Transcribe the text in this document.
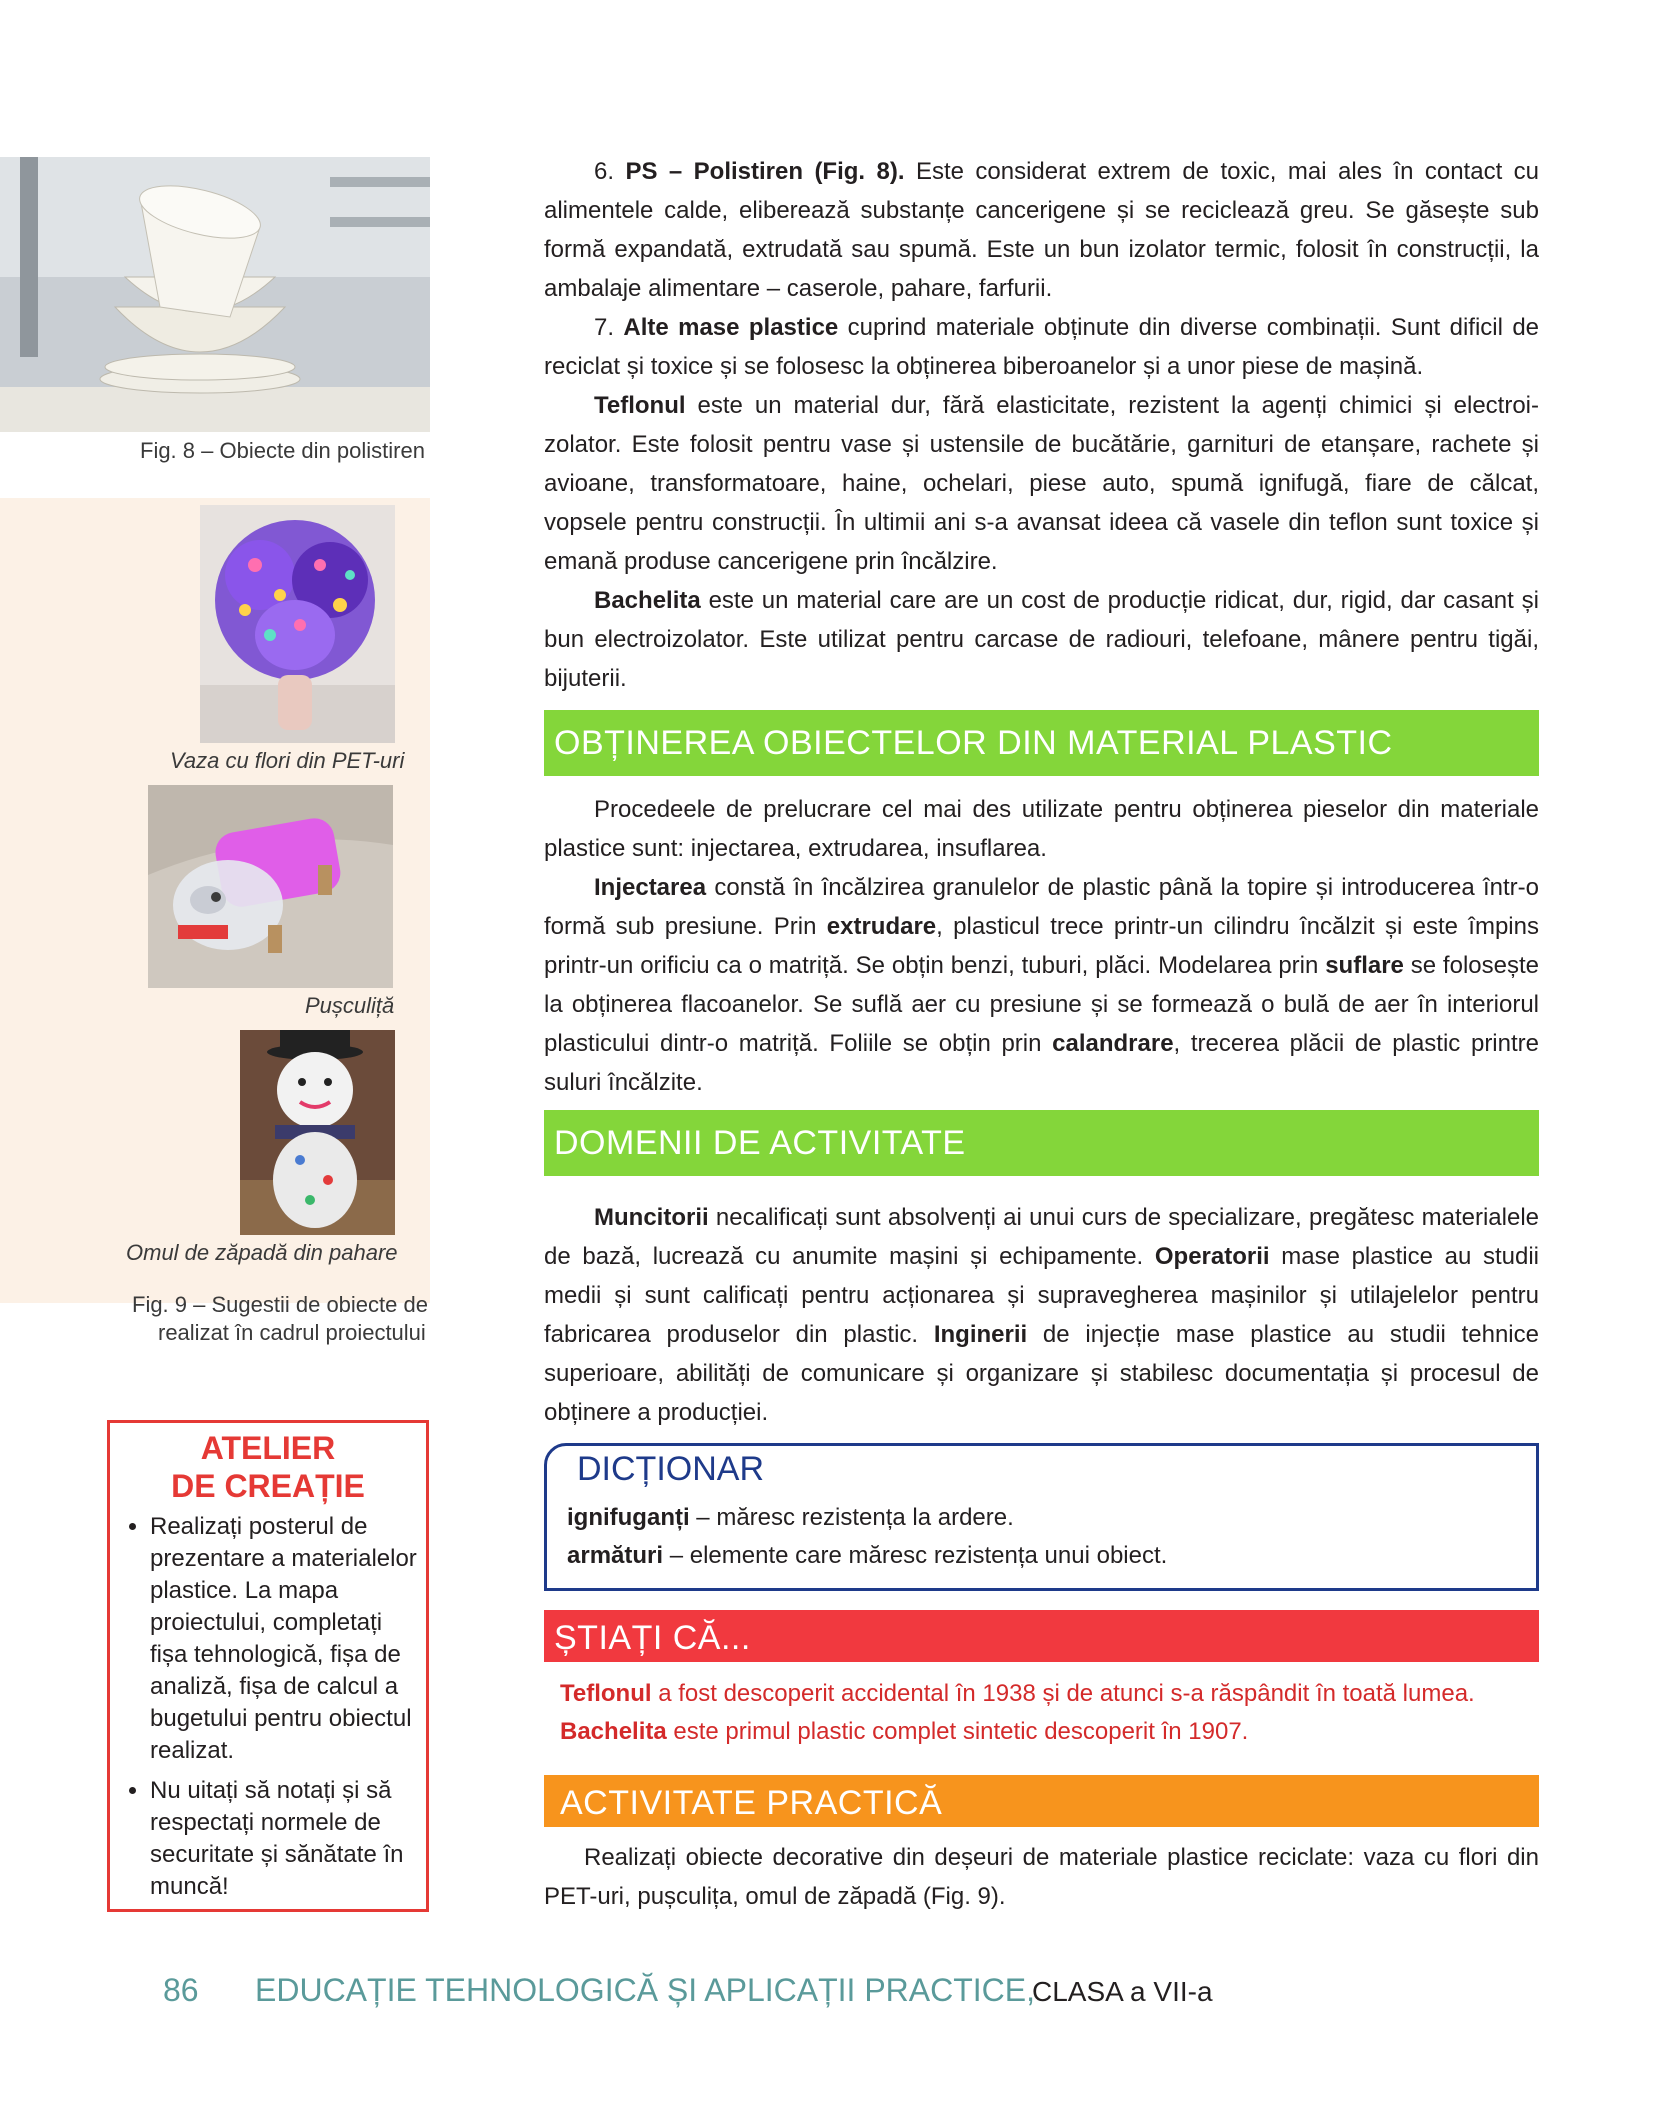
Fig. 8 – Obiecte din polistiren
Vaza cu flori din PET-uri
Pușculiță
Omul de zăpadă din pahare
Fig. 9 – Sugestii de obiecte de
realizat în cadrul proiectului
ATELIER
DE CREAȚIE
• Realizați posterul de prezentare a materialelor plastice. La mapa proiectului, completați fișa tehnologică, fișa de analiză, fișa de calcul a bugetului pentru obiectul realizat.
• Nu uitați să notați și să respectați normele de securitate și sănătate în muncă!

6. PS – Polistiren (Fig. 8). Este considerat extrem de toxic, mai ales în contact cu alimentele calde, eliberează substanțe cancerigene și se reciclează greu. Se găsește sub formă expandată, extrudată sau spumă. Este un bun izolator termic, folosit în construcții, la ambalaje alimentare – caserole, pahare, farfurii.

7. Alte mase plastice cuprind materiale obținute din diverse combinații. Sunt dificil de reciclat și toxice și se folosesc la obținerea biberoanelor și a unor piese de mașină.

Teflonul este un material dur, fără elasticitate, rezistent la agenți chimici și electroizolator. Este folosit pentru vase și ustensile de bucătărie, garnituri de etanșare, rachete și avioane, transformatoare, haine, ochelari, piese auto, spumă ignifugă, fiare de călcat, vopsele pentru construcții. În ultimii ani s-a avansat ideea că vasele din teflon sunt toxice și emană produse cancerigene prin încălzire.

Bachelita este un material care are un cost de producție ridicat, dur, rigid, dar casant și bun electroizolator. Este utilizat pentru carcase de radiouri, telefoane, mânere pentru tigăi, bijuterii.

OBȚINEREA OBIECTELOR DIN MATERIAL PLASTIC

Procedeele de prelucrare cel mai des utilizate pentru obținerea pieselor din materiale plastice sunt: injectarea, extrudarea, insuflarea.

Injectarea constă în încălzirea granulelor de plastic până la topire și introducerea într-o formă sub presiune. Prin extrudare, plasticul trece printr-un cilindru încălzit și este împins printr-un orificiu ca o matriță. Se obțin benzi, tuburi, plăci. Modelarea prin suflare se folosește la obținerea flacoanelor. Se suflă aer cu presiune și se formează o bulă de aer în interiorul plasticului dintr-o matriță. Foliile se obțin prin calandrare, trecerea plăcii de plastic printre suluri încălzite.

DOMENII DE ACTIVITATE

Muncitorii necalificați sunt absolvenți ai unui curs de specializare, pregătesc materialele de bază, lucrează cu anumite mașini și echipamente. Operatorii mase plastice au studii medii și sunt calificați pentru acționarea și supravegherea mașinilor și utilajelelor pentru fabricarea produselor din plastic. Inginerii de injecție mase plastice au studii tehnice superioare, abilități de comunicare și organizare și stabilesc documentația și procesul de obținere a producției.

DICȚIONAR
ignifuganți – măresc rezistența la ardere.
armături – elemente care măresc rezistența unui obiect.
ȘTIAȚI CĂ...
Teflonul a fost descoperit accidental în 1938 și de atunci s-a răspândit în toată lumea.
Bachelita este primul plastic complet sintetic descoperit în 1907.
ACTIVITATE PRACTICĂ

Realizați obiecte decorative din deșeuri de materiale plastice reciclate: vaza cu flori din PET-uri, pușculița, omul de zăpadă (Fig. 9).

86 EDUCAȚIE TEHNOLOGICĂ ȘI APLICAȚII PRACTICE,
CLASA a VII-a
